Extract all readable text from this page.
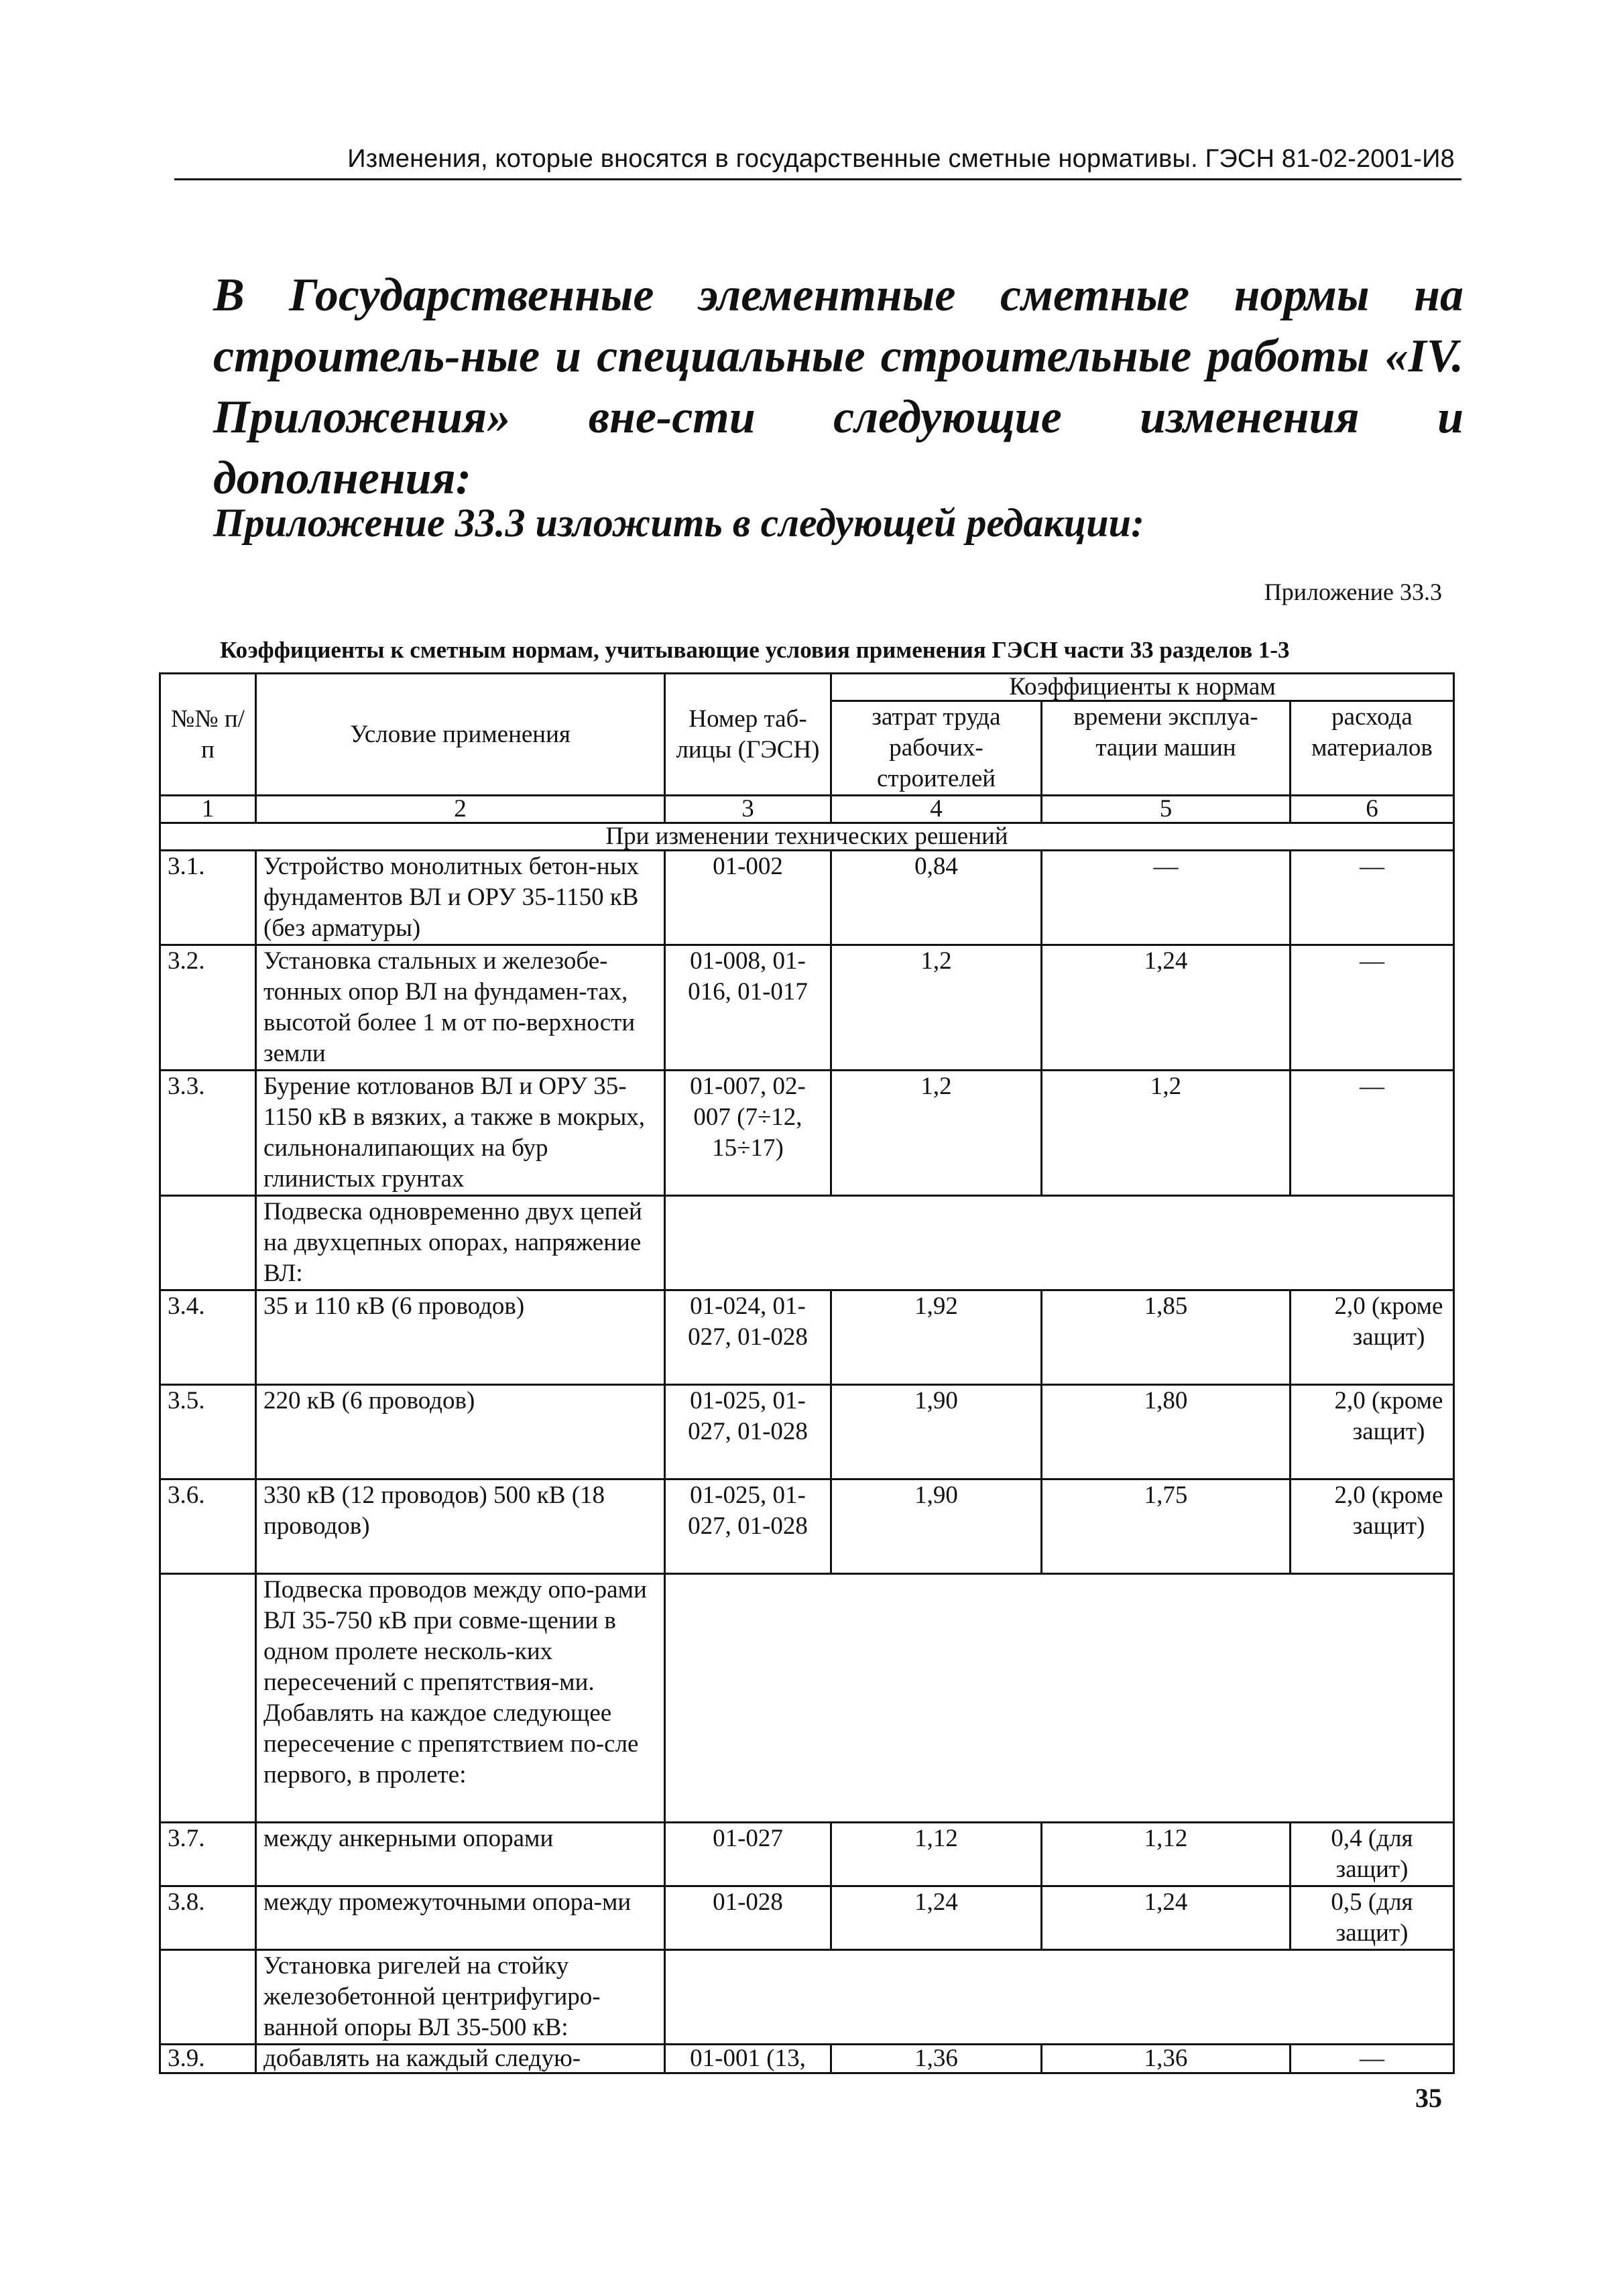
Изменения, которые вносятся в государственные сметные нормативы. ГЭСН 81-02-2001-И8
В Государственные элементные сметные нормы на строитель-ные и специальные строительные работы «IV. Приложения» вне-сти следующие изменения и дополнения:
Приложение 33.3 изложить в следующей редакции:
Приложение 33.3
Коэффициенты к сметным нормам, учитывающие условия применения ГЭСН части 33 разделов 1-3
№№ п/п	Условие применения	Номер таб-лицы (ГЭСН)	Коэффициенты к нормам		
			затрат труда рабочих-строителей	времени эксплуа-тации машин	расхода материалов
1	2	3	4	5	6
При изменении технических решений					
3.1.	Устройство монолитных бетон-ных фундаментов ВЛ и ОРУ 35-1150 кВ (без арматуры)	01-002	0,84	—	—
3.2.	Установка стальных и железобе-тонных опор ВЛ на фундамен-тах, высотой более 1 м от по-верхности земли	01-008, 01-016, 01-017	1,2	1,24	—
3.3.	Бурение котлованов ВЛ и ОРУ 35-1150 кВ в вязких, а также в мокрых, сильноналипающих на бур глинистых грунтах	01-007, 02-007 (7÷12, 15÷17)	1,2	1,2	—
	Подвеска одновременно двух цепей на двухцепных опорах, напряжение ВЛ:				
3.4.	35 и 110 кВ (6 проводов)	01-024, 01-027, 01-028	1,92	1,85	2,0 (кроме защит)
3.5.	220 кВ (6 проводов)	01-025, 01-027, 01-028	1,90	1,80	2,0 (кроме защит)
3.6.	330 кВ (12 проводов) 500 кВ (18 проводов)	01-025, 01-027, 01-028	1,90	1,75	2,0 (кроме защит)
	Подвеска проводов между опо-рами ВЛ 35-750 кВ при совме-щении в одном пролете несколь-ких пересечений с препятствия-ми. Добавлять на каждое следующее пересечение с препятствием по-сле первого, в пролете:				
3.7.	между анкерными опорами	01-027	1,12	1,12	0,4 (для защит)
3.8.	между промежуточными опора-ми	01-028	1,24	1,24	0,5 (для защит)
	Установка ригелей на стойку железобетонной центрифугиро-ванной опоры ВЛ 35-500 кВ:				
3.9.	добавлять на каждый следую-	01-001 (13,	1,36	1,36	—
35
